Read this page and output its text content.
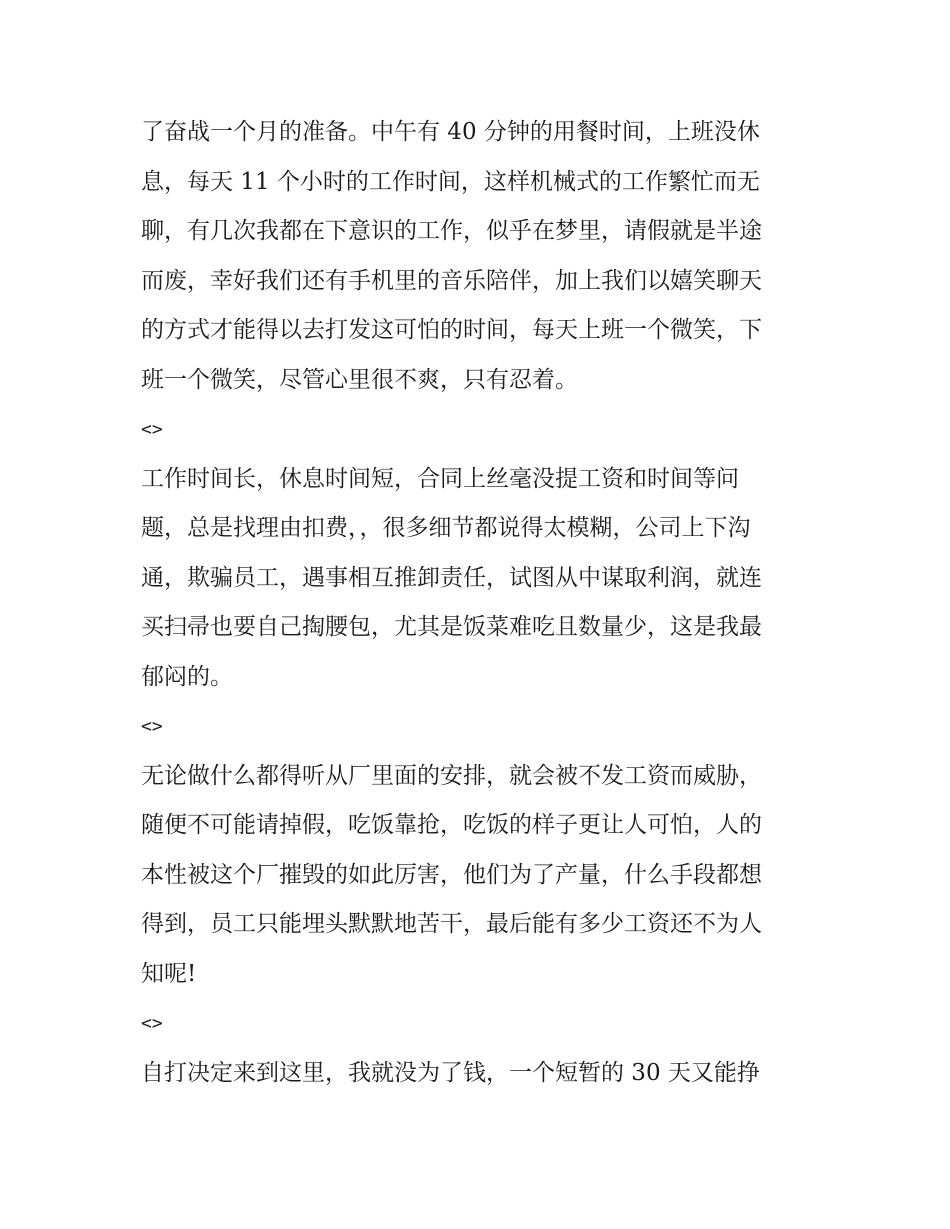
了奋战一个月的准备。中午有 40 分钟的用餐时间，上班没休
息，每天 11 个小时的工作时间，这样机械式的工作繁忙而无
聊，有几次我都在下意识的工作，似乎在梦里，请假就是半途
而废，幸好我们还有手机里的音乐陪伴，加上我们以嬉笑聊天
的方式才能得以去打发这可怕的时间，每天上班一个微笑，下
班一个微笑，尽管心里很不爽，只有忍着。

<>

工作时间长，休息时间短，合同上丝毫没提工资和时间等问
题，总是找理由扣费，，很多细节都说得太模糊，公司上下沟
通，欺骗员工，遇事相互推卸责任，试图从中谋取利润，就连
买扫帚也要自己掏腰包，尤其是饭菜难吃且数量少，这是我最
郁闷的。

<>

无论做什么都得听从厂里面的安排，就会被不发工资而威胁，
随便不可能请掉假，吃饭靠抢，吃饭的样子更让人可怕，人的
本性被这个厂摧毁的如此厉害，他们为了产量，什么手段都想
得到，员工只能埋头默默地苦干，最后能有多少工资还不为人
知呢!

<>

自打决定来到这里，我就没为了钱，一个短暂的 30 天又能挣
